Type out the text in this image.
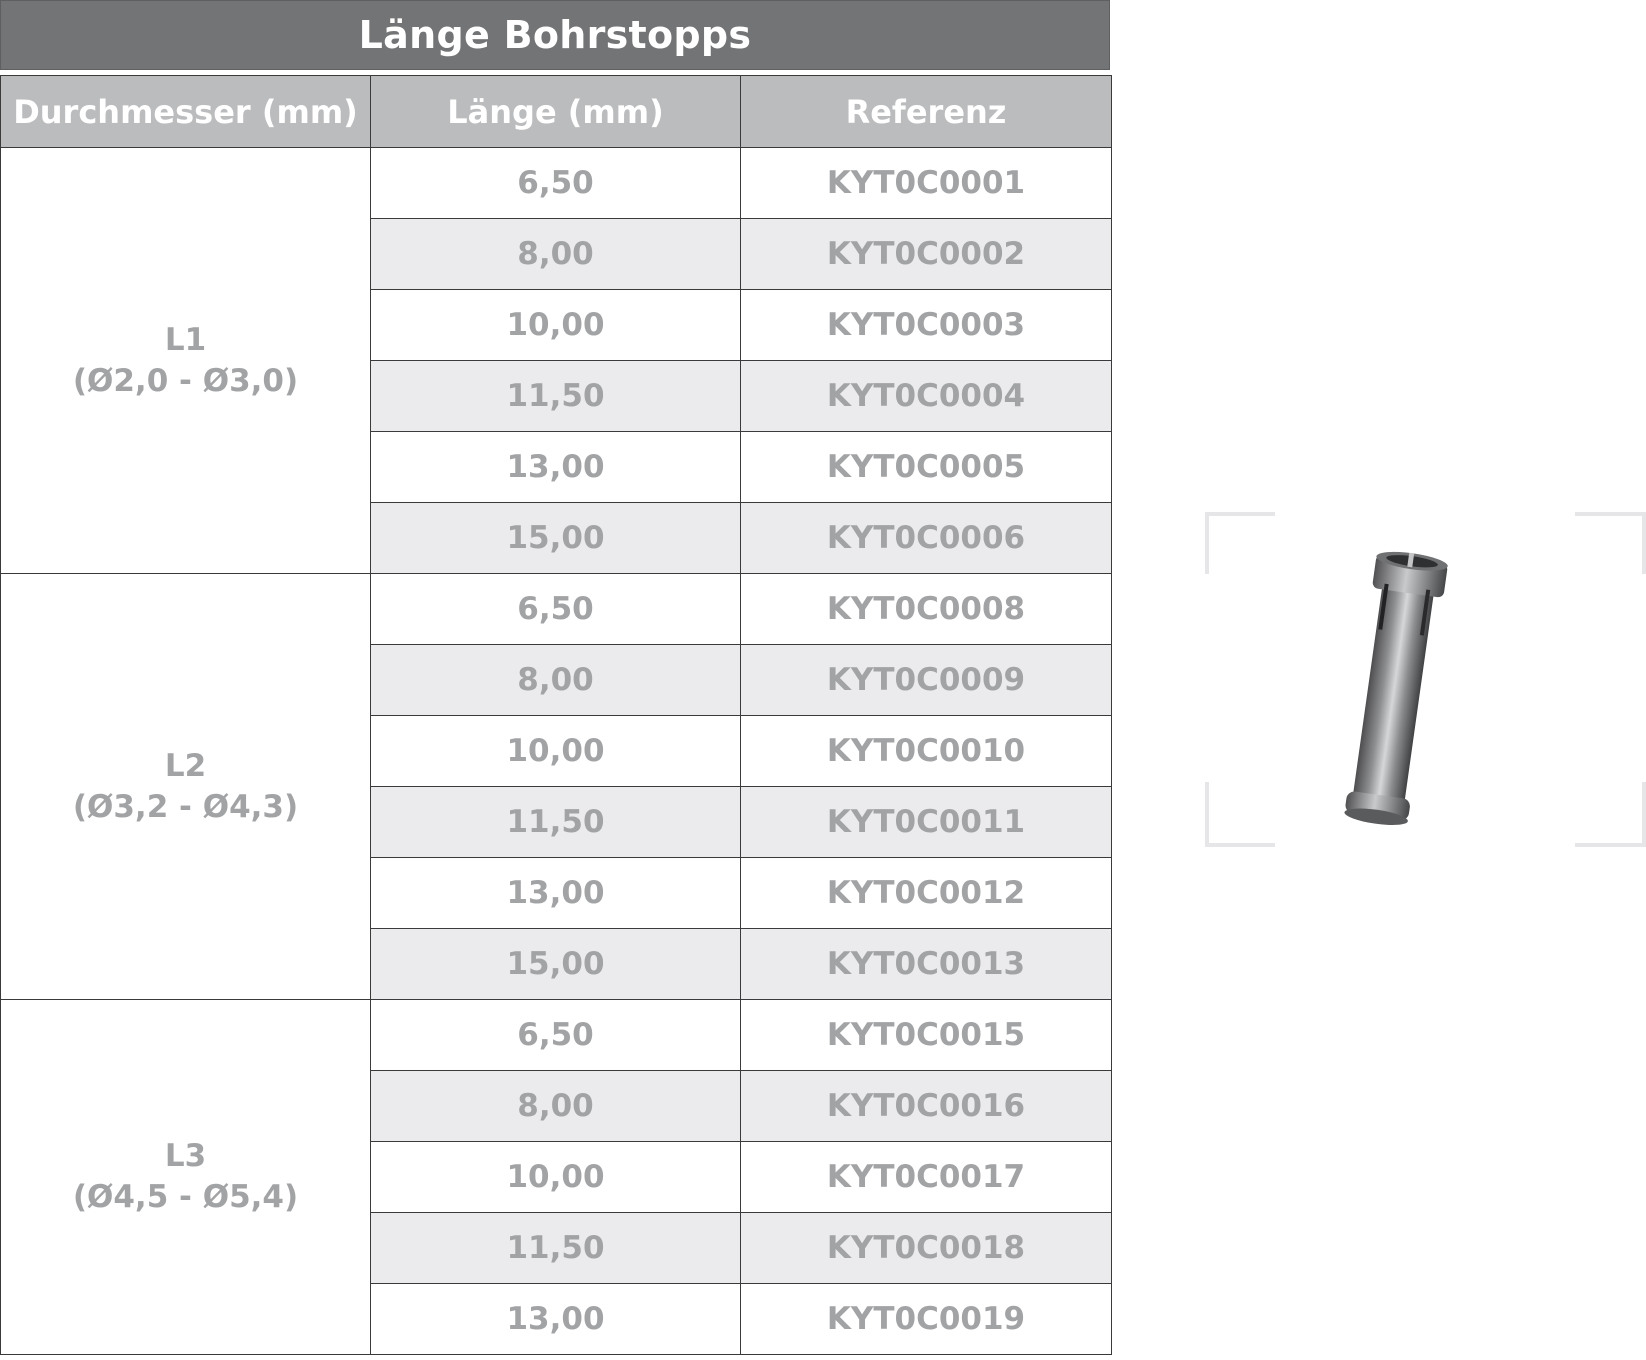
Länge Bohrstopps
Durchmesser (mm)	Länge (mm)	Referenz

L1
(Ø2,0 - Ø3,0)	6,50	KYT0C0001
	8,00	KYT0C0002
	10,00	KYT0C0003
	11,50	KYT0C0004
	13,00	KYT0C0005
	15,00	KYT0C0006

L2
(Ø3,2 - Ø4,3)	6,50	KYT0C0008
	8,00	KYT0C0009
	10,00	KYT0C0010
	11,50	KYT0C0011
	13,00	KYT0C0012
	15,00	KYT0C0013

L3
(Ø4,5 - Ø5,4)	6,50	KYT0C0015
	8,00	KYT0C0016
	10,00	KYT0C0017
	11,50	KYT0C0018
	13,00	KYT0C0019
